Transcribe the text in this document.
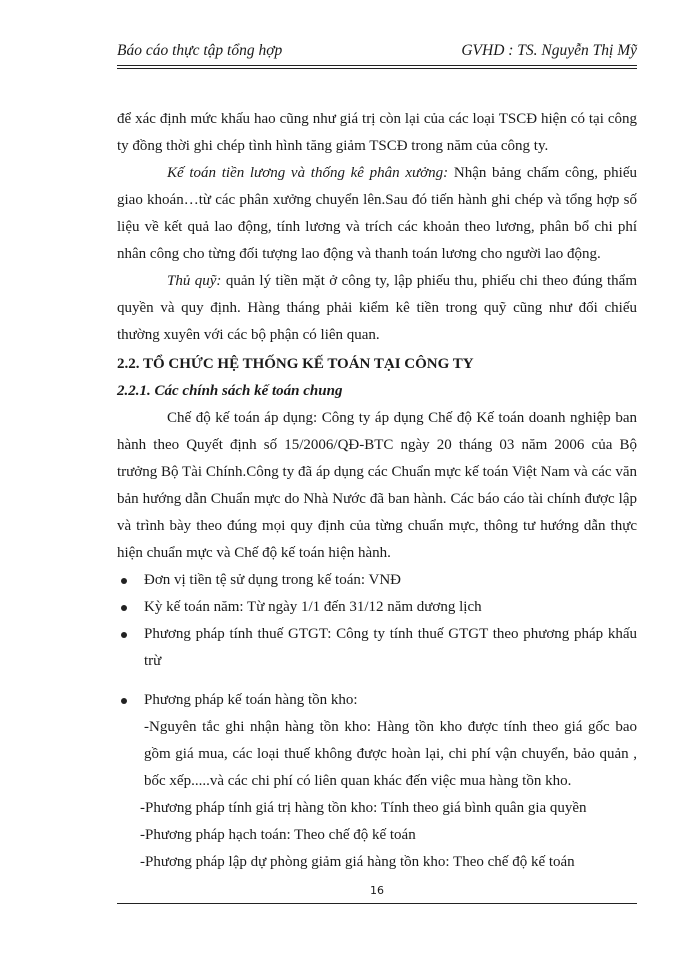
Báo cáo thực tập tổng hợp	GVHD : TS. Nguyễn Thị Mỹ

để xác định mức khấu hao cũng như giá trị còn lại của các loại TSCĐ hiện có tại công ty đồng thời ghi chép tình hình tăng giảm TSCĐ trong năm của công ty.

Kế toán tiền lương và thống kê phân xưởng: Nhận bảng chấm công, phiếu giao khoán…từ các phân xưởng chuyển lên.Sau đó tiến hành ghi chép và tổng hợp số liệu về kết quả lao động, tính lương và trích các khoản theo lương, phân bổ chi phí nhân công cho từng đối tượng lao động và thanh toán lương cho người lao động.

Thủ quỹ: quản lý tiền mặt ở công ty, lập phiếu thu, phiếu chi theo đúng thẩm quyền và quy định. Hàng tháng phải kiểm kê tiền trong quỹ cũng như đối chiếu thường xuyên với các bộ phận có liên quan.

2.2. TỔ CHỨC HỆ THỐNG KẾ TOÁN TẠI CÔNG TY

2.2.1. Các chính sách kế toán chung

Chế độ kế toán áp dụng: Công ty áp dụng Chế độ Kế toán doanh nghiệp ban hành theo Quyết định số 15/2006/QĐ-BTC ngày 20 tháng 03 năm 2006 của Bộ trưởng Bộ Tài Chính.Công ty đã áp dụng các Chuẩn mực kế toán Việt Nam và các văn bản hướng dẫn Chuẩn mực do Nhà Nước đã ban hành. Các báo cáo tài chính được lập và trình bày theo đúng mọi quy định của từng chuẩn mực, thông tư hướng dẫn thực hiện chuẩn mực và Chế độ kế toán hiện hành.

Đơn vị tiền tệ sử dụng trong kế toán: VNĐ
Kỳ kế toán năm: Từ ngày 1/1 đến 31/12 năm dương lịch
Phương pháp tính thuế GTGT: Công ty tính thuế GTGT theo phương pháp khấu trừ
Phương pháp kế toán hàng tồn kho:

-Nguyên tắc ghi nhận hàng tồn kho: Hàng tồn kho được tính theo giá gốc bao gồm giá mua, các loại thuế không được hoàn lại, chi phí vận chuyển, bảo quản , bốc xếp.....và các chi phí có liên quan khác đến việc mua hàng tồn kho.

-Phương pháp tính giá trị hàng tồn kho: Tính theo giá bình quân gia quyền

-Phương pháp hạch toán: Theo chế độ kế toán

-Phương pháp lập dự phòng giảm giá hàng tồn kho: Theo chế độ kế toán

16
